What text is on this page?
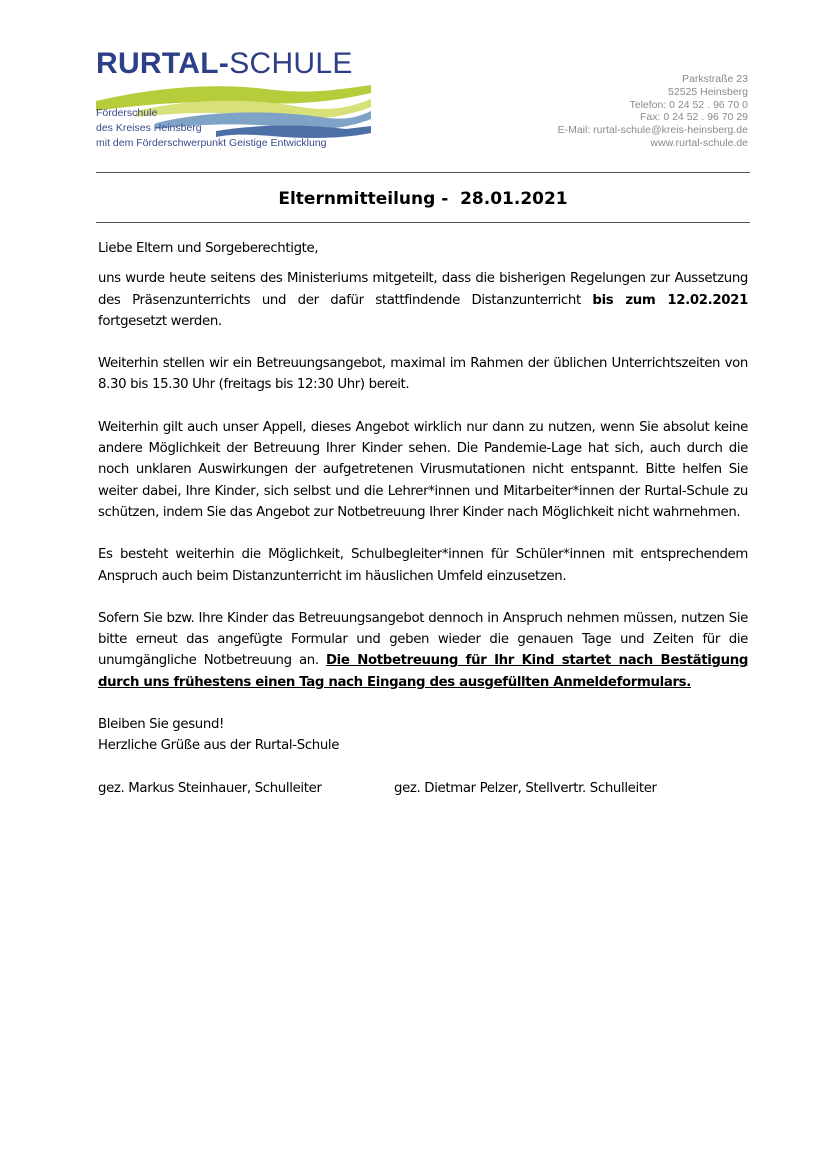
RURTAL-SCHULE
Förderschule
des Kreises Heinsberg
mit dem Förderschwerpunkt Geistige Entwicklung
Parkstraße 23
52525 Heinsberg
Telefon: 0 24 52 . 96 70 0
Fax: 0 24 52 . 96 70 29
E-Mail: rurtal-schule@kreis-heinsberg.de
www.rurtal-schule.de
Elternmitteilung -  28.01.2021

Liebe Eltern und Sorgeberechtigte,

uns wurde heute seitens des Ministeriums mitgeteilt, dass die bisherigen Regelungen zur Aussetzung des Präsenzunterrichts und der dafür stattfindende Distanzunterricht bis zum 12.02.2021 fortgesetzt werden.

Weiterhin stellen wir ein Betreuungsangebot, maximal im Rahmen der üblichen Unterrichtszeiten von 8.30 bis 15.30 Uhr (freitags bis 12:30 Uhr) bereit.

Weiterhin gilt auch unser Appell, dieses Angebot wirklich nur dann zu nutzen, wenn Sie absolut keine andere Möglichkeit der Betreuung Ihrer Kinder sehen. Die Pandemie-Lage hat sich, auch durch die noch unklaren Auswirkungen der aufgetretenen Virusmutationen nicht entspannt. Bitte helfen Sie weiter dabei, Ihre Kinder, sich selbst und die Lehrer*innen und Mitarbeiter*innen der Rurtal-Schule zu schützen, indem Sie das Angebot zur Notbetreuung Ihrer Kinder nach Möglichkeit nicht wahrnehmen.

Es besteht weiterhin die Möglichkeit, Schulbegleiter*innen für Schüler*innen mit entsprechendem Anspruch auch beim Distanzunterricht im häuslichen Umfeld einzusetzen.

Sofern Sie bzw. Ihre Kinder das Betreuungsangebot dennoch in Anspruch nehmen müssen, nutzen Sie bitte erneut das angefügte Formular und geben wieder die genauen Tage und Zeiten für die unumgängliche Notbetreuung an. Die Notbetreuung für Ihr Kind startet nach Bestätigung durch uns frühestens einen Tag nach Eingang des ausgefüllten Anmeldeformulars.

Bleiben Sie gesund!

Herzliche Grüße aus der Rurtal-Schule

gez. Markus Steinhauer, Schulleiter	gez. Dietmar Pelzer, Stellvertr. Schulleiter
